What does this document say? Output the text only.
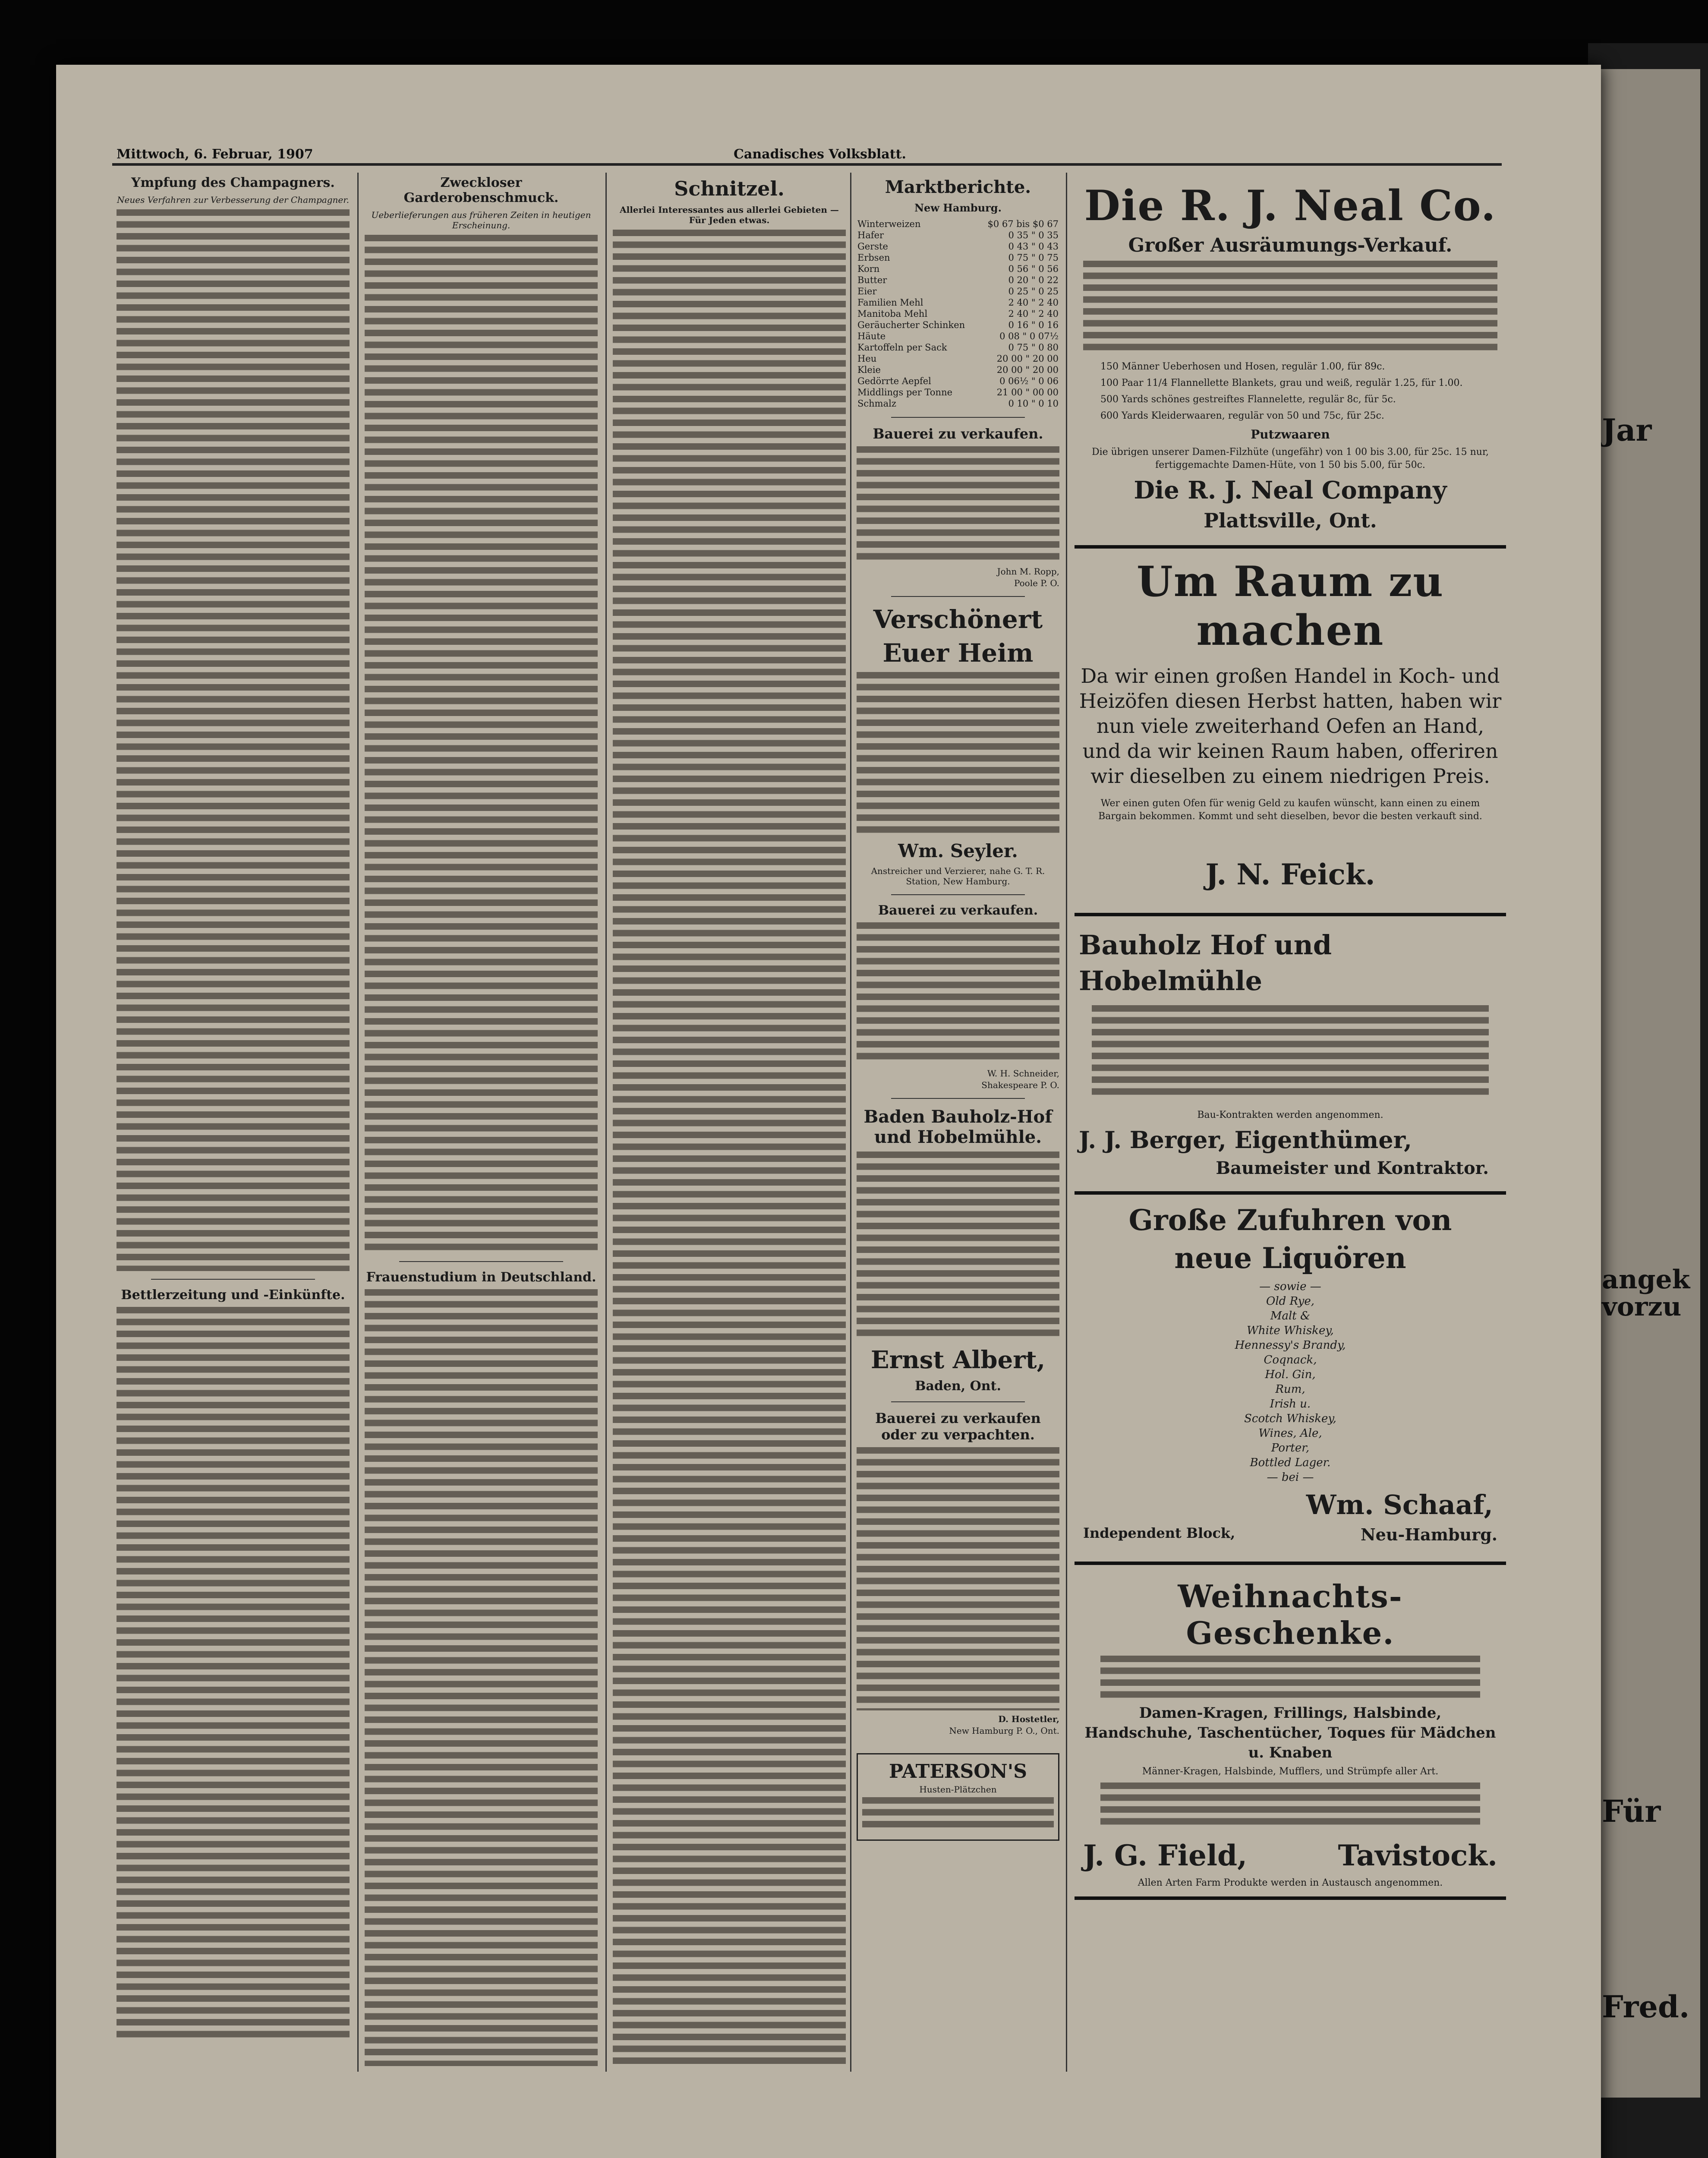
Jar
angek vorzu
Für
Fred.
Mittwoch, 6. Februar, 1907	Canadisches Volksblatt.
Ympfung des Champagners.
Neues Verfahren zur Verbesserung der Champagner.
Bettlerzeitung und -Einkünfte.
Zweckloser Garderobenschmuck.
Ueberlieferungen aus früheren Zeiten in heutigen Erscheinung.
Frauenstudium in Deutschland.
Schnitzel.
Allerlei Interessantes aus allerlei Gebieten — Für Jeden etwas.
Marktberichte.
New Hamburg.
Winterweizen	$0 67 bis $0 67
Hafer	0 35 " 0 35
Gerste	0 43 " 0 43
Erbsen	0 75 " 0 75
Korn	0 56 " 0 56
Butter	0 20 " 0 22
Eier	0 25 " 0 25
Familien Mehl	2 40 " 2 40
Manitoba Mehl	2 40 " 2 40
Geräucherter Schinken	0 16 " 0 16
Häute	0 08 " 0 07½
Kartoffeln per Sack	0 75 " 0 80
Heu	20 00 " 20 00
Kleie	20 00 " 20 00
Gedörrte Aepfel	0 06½ " 0 06
Middlings per Tonne	21 00 " 00 00
Schmalz	0 10 " 0 10
Bauerei zu verkaufen.
John M. Ropp,
Poole P. O.
Verschönert
Euer Heim
Wm. Seyler.
Anstreicher und Verzierer, nahe G. T. R. Station, New Hamburg.
Bauerei zu verkaufen.
W. H. Schneider,
Shakespeare P. O.
Baden Bauholz-Hof und Hobelmühle.
Ernst Albert,
Baden, Ont.
Bauerei zu verkaufen oder zu verpachten.
D. Hostetler,
New Hamburg P. O., Ont.
PATERSON'S
Husten-Plätzchen
Die R. J. Neal Co.
Großer Ausräumungs-Verkauf.
150 Männer Ueberhosen und Hosen, regulär 1.00, für 89c.
100 Paar 11/4 Flannellette Blankets, grau und weiß, regulär 1.25, für 1.00.
500 Yards schönes gestreiftes Flannelette, regulär 8c, für 5c.
600 Yards Kleiderwaaren, regulär von 50 und 75c, für 25c.
Putzwaaren
Die übrigen unserer Damen-Filzhüte (ungefähr) von 1 00 bis 3.00, für 25c. 15 nur, fertiggemachte Damen-Hüte, von 1 50 bis 5.00, für 50c.
Die R. J. Neal Company
Plattsville, Ont.
Um Raum zu machen
Da wir einen großen Handel in Koch- und Heizöfen diesen Herbst hatten, haben wir nun viele zweiterhand Oefen an Hand, und da wir keinen Raum haben, offeriren wir dieselben zu einem niedrigen Preis.
Wer einen guten Ofen für wenig Geld zu kaufen wünscht, kann einen zu einem Bargain bekommen. Kommt und seht dieselben, bevor die besten verkauft sind.
J. N. Feick.
Bauholz Hof und
Hobelmühle
Bau-Kontrakten werden angenommen.
J. J. Berger, Eigenthümer,
Baumeister und Kontraktor.
Große Zufuhren von
neue Liquören
— sowie —
Old Rye,
Malt &
White Whiskey,
Hennessy's Brandy,
Coqnack,
Hol. Gin,
Rum,
Irish u.
Scotch Whiskey,
Wines, Ale,
Porter,
Bottled Lager.
— bei —
Wm. Schaaf,
Independent Block,	Neu-Hamburg.
Weihnachts-Geschenke.
Damen-Kragen, Frillings, Halsbinde, Handschuhe, Taschentücher, Toques für Mädchen u. Knaben
Männer-Kragen, Halsbinde, Mufflers, und Strümpfe aller Art.
J. G. Field,	Tavistock.
Allen Arten Farm Produkte werden in Austausch angenommen.
